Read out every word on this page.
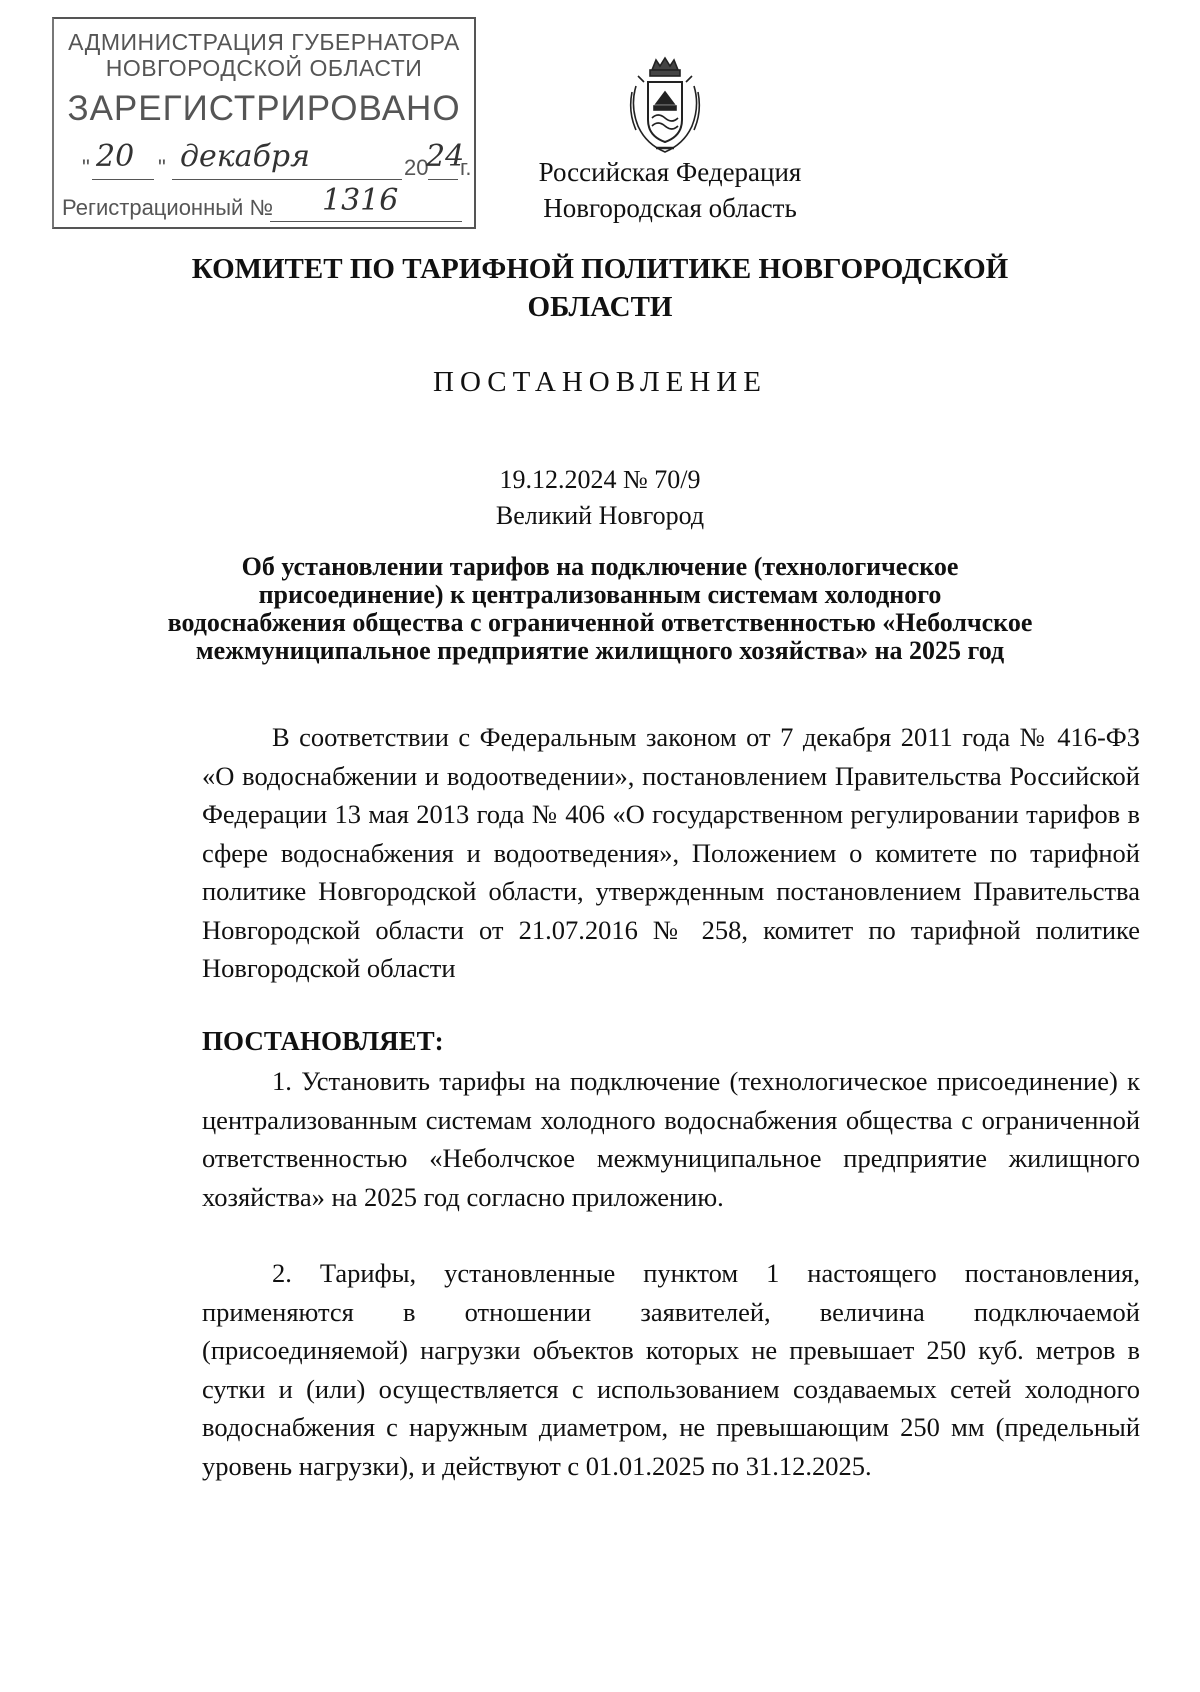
АДМИНИСТРАЦИЯ ГУБЕРНАТОРА
НОВГОРОДСКОЙ ОБЛАСТИ
ЗАРЕГИСТРИРОВАНО
" 20 " декабря	20
24
г.
Регистрационный № 1316
Российская Федерация
Новгородская область
КОМИТЕТ ПО ТАРИФНОЙ ПОЛИТИКЕ НОВГОРОДСКОЙ
ОБЛАСТИ
ПОСТАНОВЛЕНИЕ
19.12.2024 № 70/9
Великий Новгород
Об установлении тарифов на подключение (технологическое
присоединение) к централизованным системам холодного
водоснабжения общества с ограниченной ответственностью «Неболчское
межмуниципальное предприятие жилищного хозяйства» на 2025 год

В соответствии с Федеральным законом от 7 декабря 2011 года № 416-ФЗ «О водоснабжении и водоотведении», постановлением Правительства Российской Федерации 13 мая 2013 года № 406 «О государственном регулировании тарифов в сфере водоснабжения и водоотведения», Положением о комитете по тарифной политике Новгородской области, утвержденным постановлением Правительства Новгородской области от 21.07.2016 № 258, комитет по тарифной политике Новгородской области

ПОСТАНОВЛЯЕТ:

1. Установить тарифы на подключение (технологическое присоединение) к централизованным системам холодного водоснабжения общества с ограниченной ответственностью «Неболчское межмуниципальное предприятие жилищного хозяйства» на 2025 год согласно приложению.

2. Тарифы, установленные пунктом 1 настоящего постановления, применяются в отношении заявителей, величина подключаемой (присоединяемой) нагрузки объектов которых не превышает 250 куб. метров в сутки и (или) осуществляется с использованием создаваемых сетей холодного водоснабжения с наружным диаметром, не превышающим 250 мм (предельный уровень нагрузки), и действуют с 01.01.2025 по 31.12.2025.
